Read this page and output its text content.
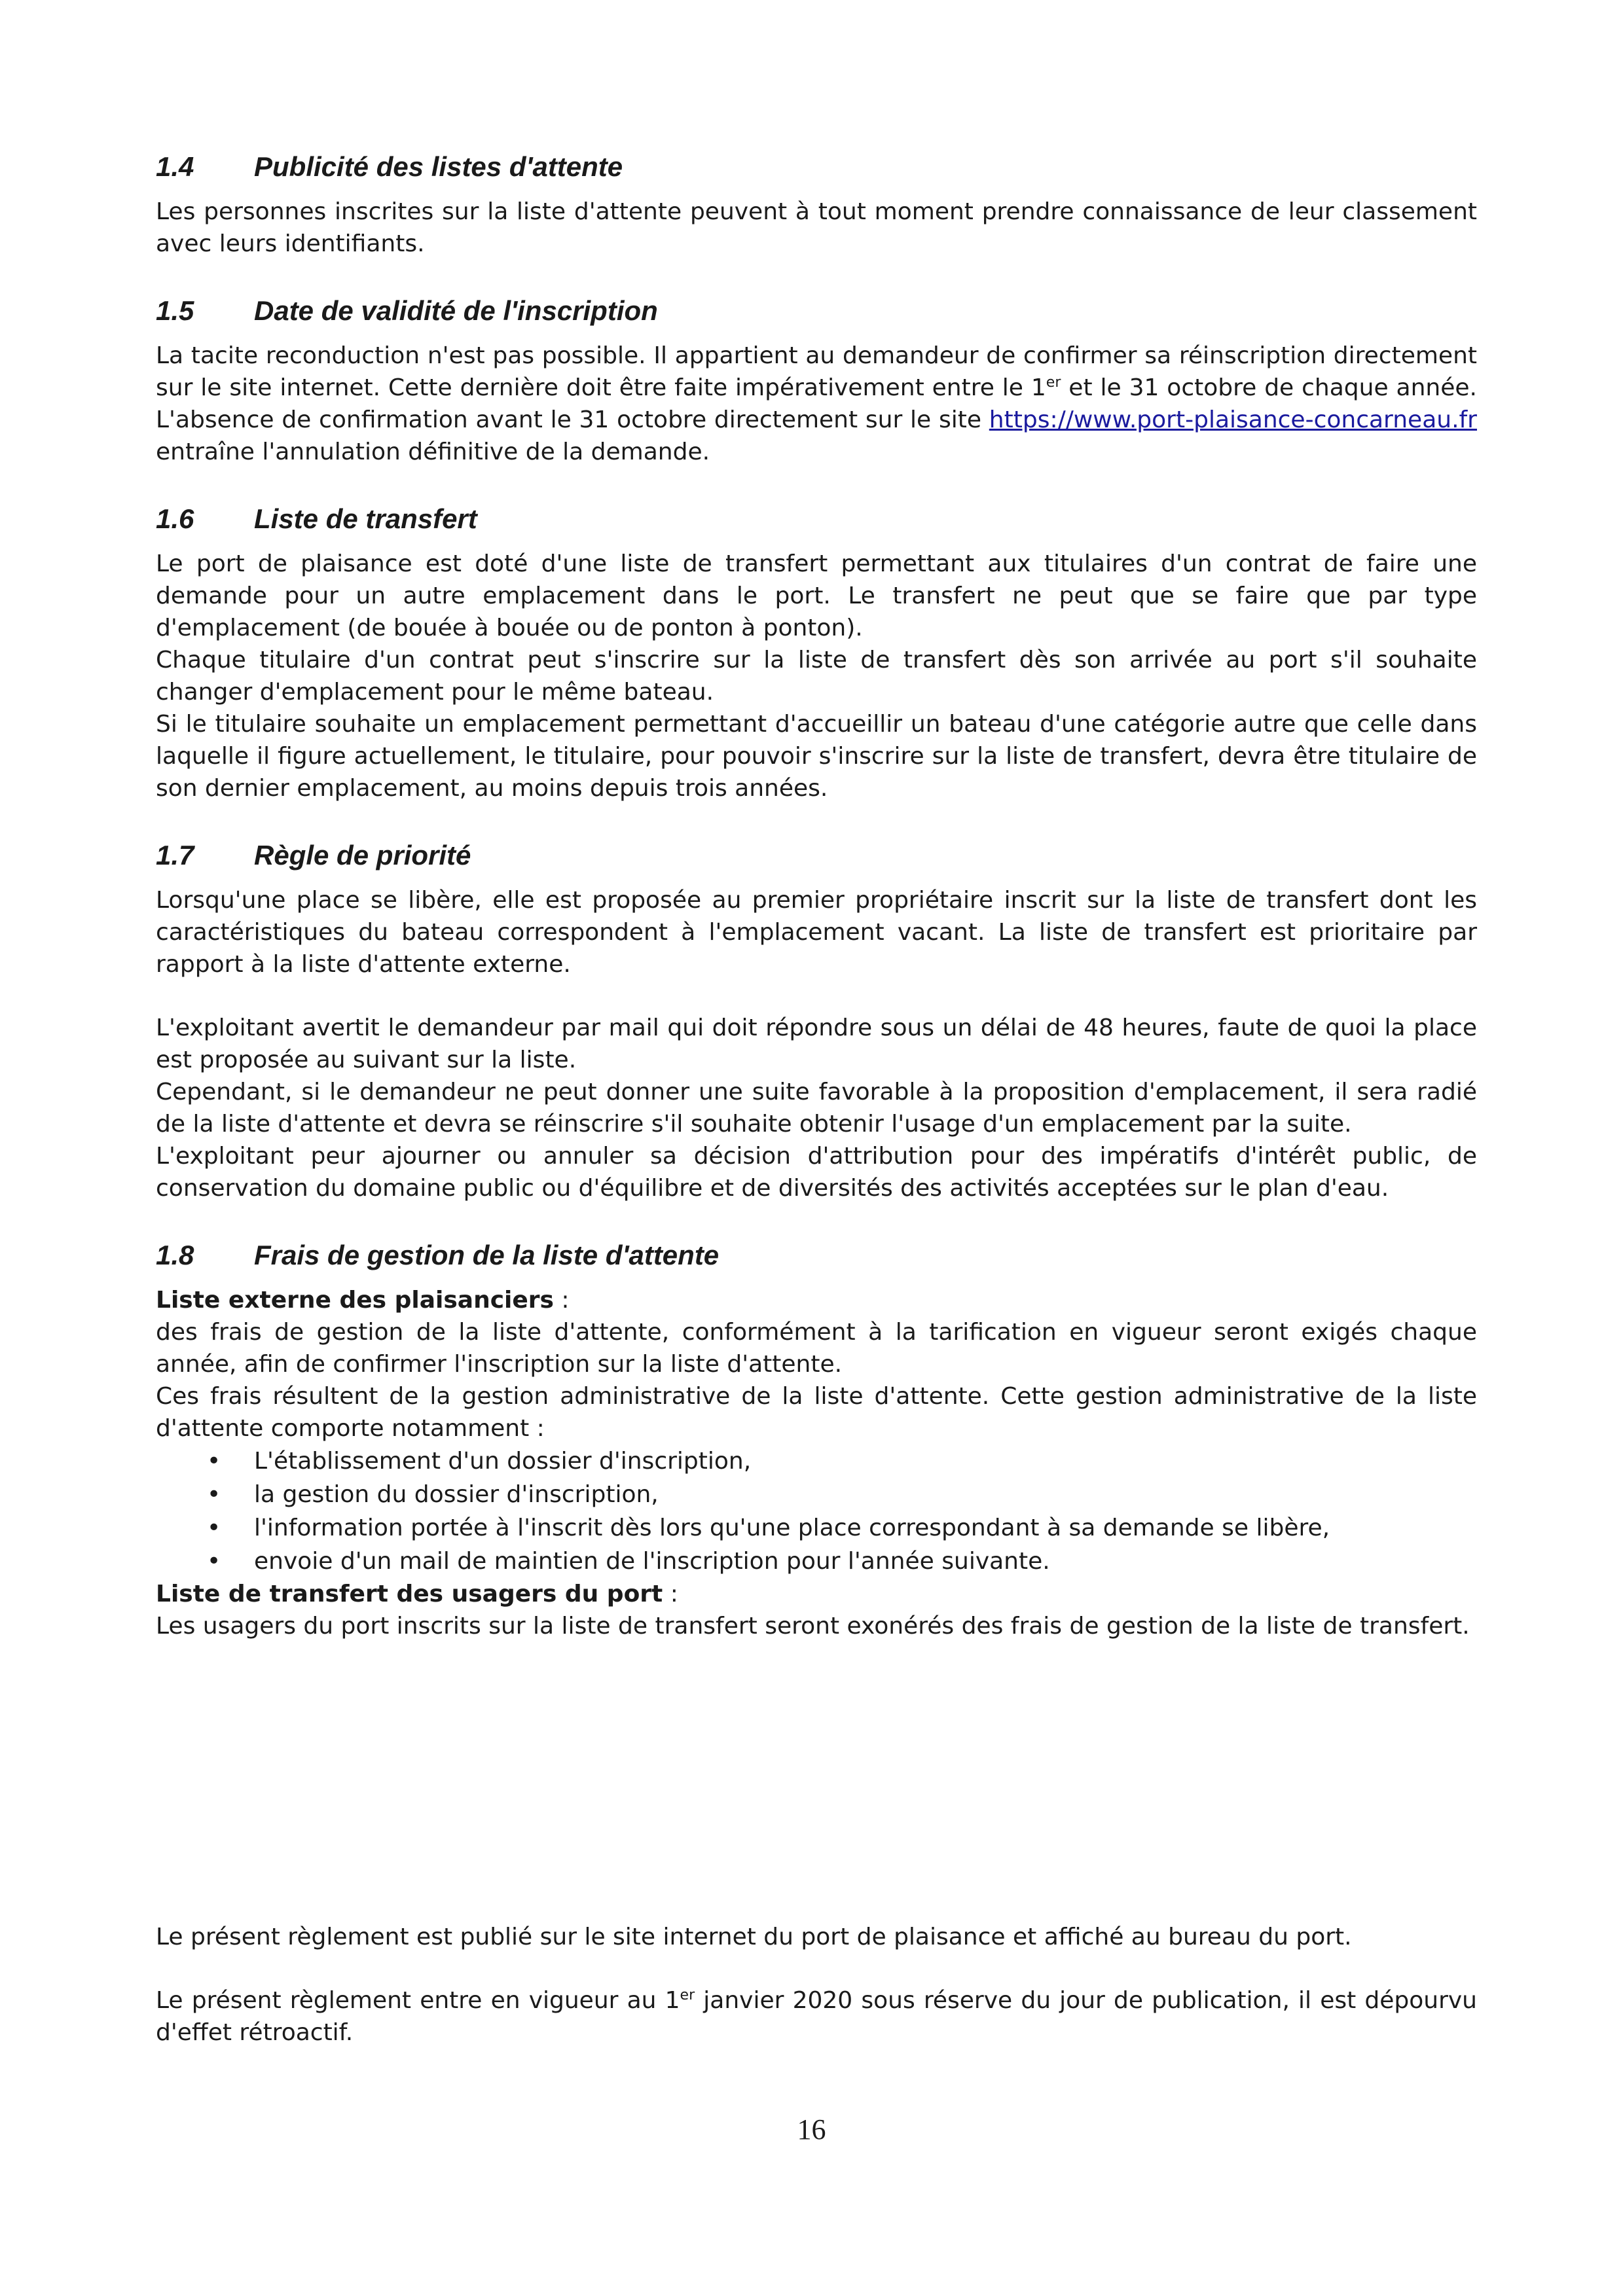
1.4	Publicité des listes d'attente

Les personnes inscrites sur la liste d'attente peuvent à tout moment prendre connaissance de leur classement avec leurs identifiants.

1.5	Date de validité de l'inscription

La tacite reconduction n'est pas possible. Il appartient au demandeur de confirmer sa réinscription directement sur le site internet. Cette dernière doit être faite impérativement entre le 1er et le 31 octobre de chaque année. L'absence de confirmation avant le 31 octobre directement sur le site https://www.port-plaisance-concarneau.fr entraîne l'annulation définitive de la demande.

1.6	Liste de transfert

Le port de plaisance est doté d'une liste de transfert permettant aux titulaires d'un contrat de faire une demande pour un autre emplacement dans le port. Le transfert ne peut que se faire que par type d'emplacement (de bouée à bouée ou de ponton à ponton).

Chaque titulaire d'un contrat peut s'inscrire sur la liste de transfert dès son arrivée au port s'il souhaite changer d'emplacement pour le même bateau.

Si le titulaire souhaite un emplacement permettant d'accueillir un bateau d'une catégorie autre que celle dans laquelle il figure actuellement, le titulaire, pour pouvoir s'inscrire sur la liste de transfert, devra être titulaire de son dernier emplacement, au moins depuis trois années.

1.7	Règle de priorité

Lorsqu'une place se libère, elle est proposée au premier propriétaire inscrit sur la liste de transfert dont les caractéristiques du bateau correspondent à l'emplacement vacant. La liste de transfert est prioritaire par rapport à la liste d'attente externe.

L'exploitant avertit le demandeur par mail qui doit répondre sous un délai de 48 heures, faute de quoi la place est proposée au suivant sur la liste.

Cependant, si le demandeur ne peut donner une suite favorable à la proposition d'emplacement, il sera radié de la liste d'attente et devra se réinscrire s'il souhaite obtenir l'usage d'un emplacement par la suite.

L'exploitant peur ajourner ou annuler sa décision d'attribution pour des impératifs d'intérêt public, de conservation du domaine public ou d'équilibre et de diversités des activités acceptées sur le plan d'eau.

1.8	Frais de gestion de la liste d'attente

Liste externe des plaisanciers :

des frais de gestion de la liste d'attente, conformément à la tarification en vigueur seront exigés chaque année, afin de confirmer l'inscription sur la liste d'attente.

Ces frais résultent de la gestion administrative de la liste d'attente. Cette gestion administrative de la liste d'attente comporte notamment :

• L'établissement d'un dossier d'inscription,
• la gestion du dossier d'inscription,
• l'information portée à l'inscrit dès lors qu'une place correspondant à sa demande se libère,
• envoie d'un mail de maintien de l'inscription pour l'année suivante.

Liste de transfert des usagers du port :

Les usagers du port inscrits sur la liste de transfert seront exonérés des frais de gestion de la liste de transfert.

Le présent règlement est publié sur le site internet du port de plaisance et affiché au bureau du port.

Le présent règlement entre en vigueur au 1er janvier 2020 sous réserve du jour de publication, il est dépourvu d'effet rétroactif.

16
